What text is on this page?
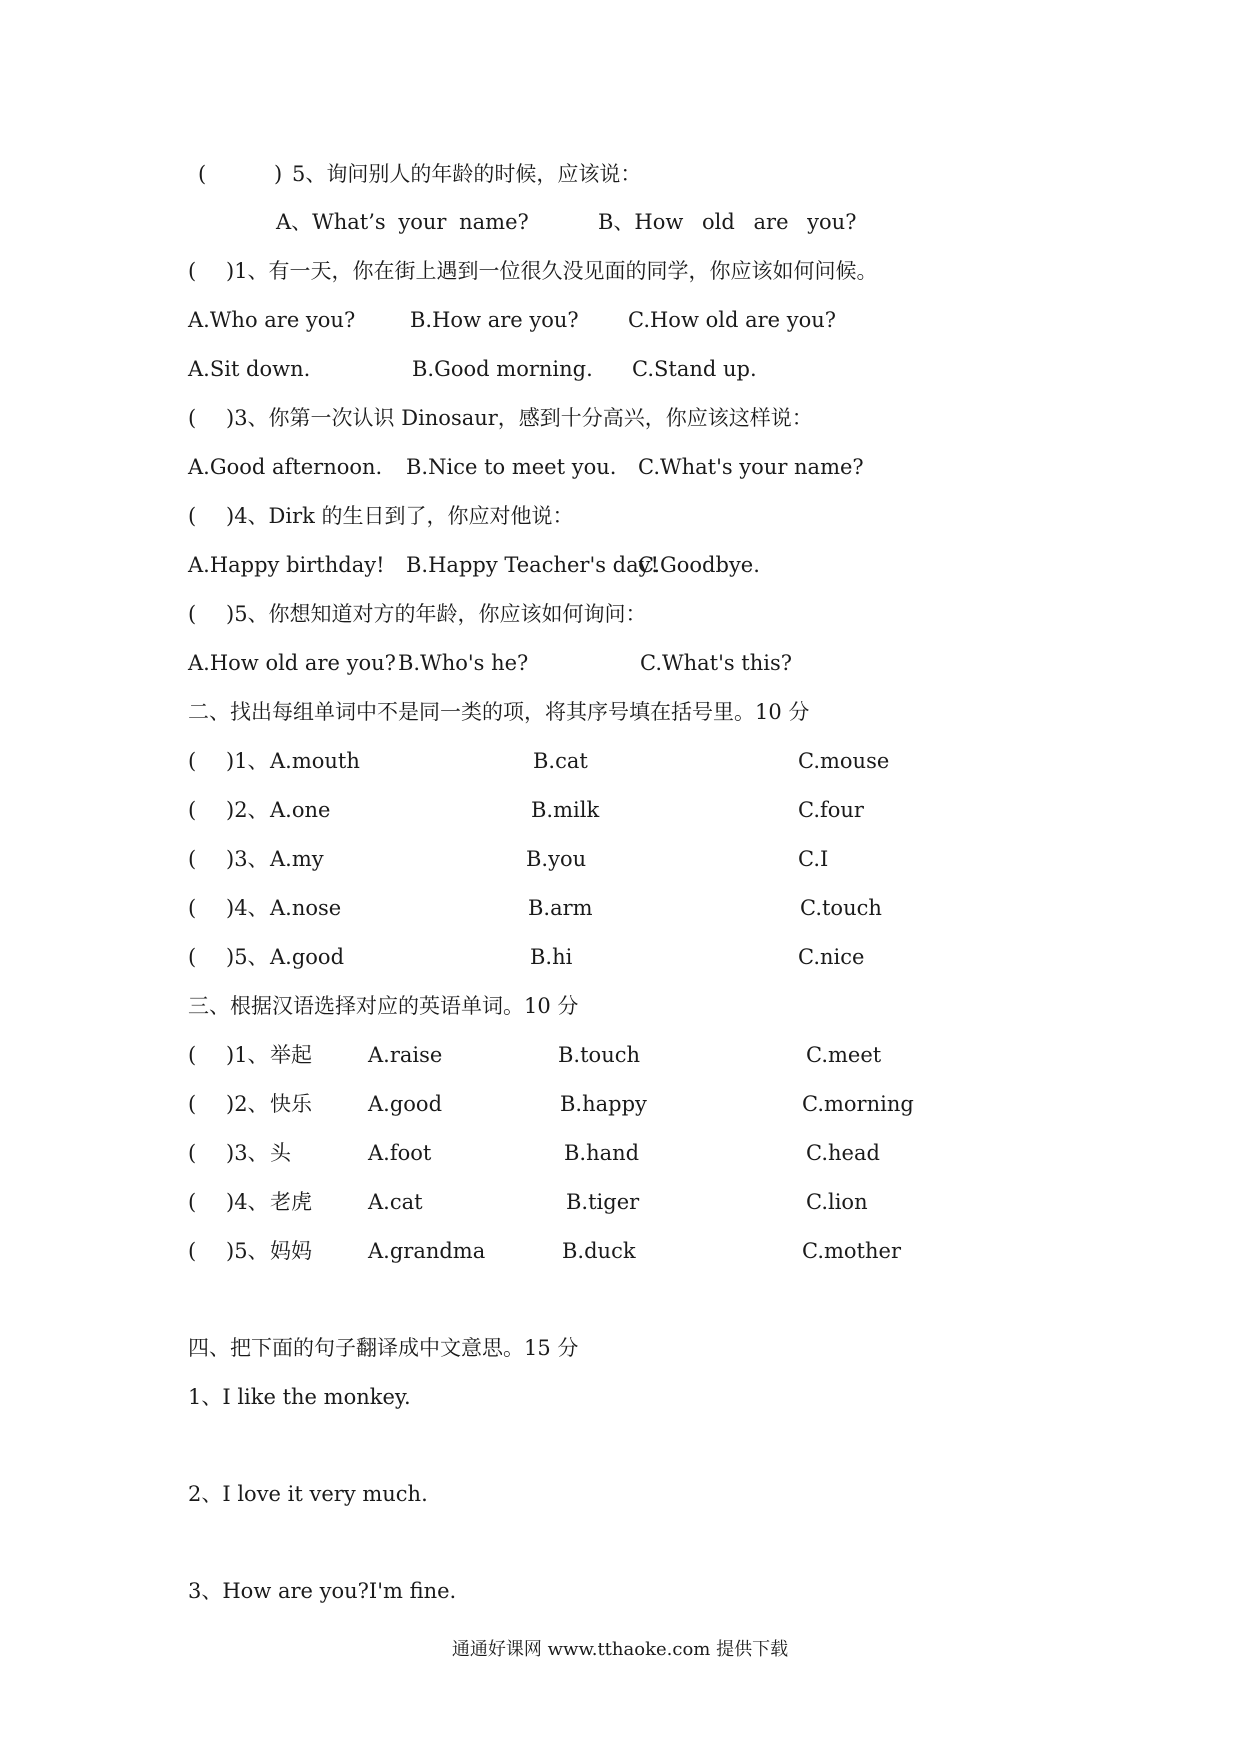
(	) 5、询问别人的年龄的时候，应该说：
A、What’s your name?	B、How old are you?
( )1、有一天，你在街上遇到一位很久没见面的同学，你应该如何问候。
A.Who are you?	B.How are you? C.How old are you?
A.Sit down.	B.Good morning. C.Stand up.
( )3、你第一次认识 Dinosaur，感到十分高兴，你应该这样说：
A.Good afternoon. B.Nice to meet you. C.What's your name?
( )4、Dirk 的生日到了，你应对他说：
A.Happy birthday! B.Happy Teacher's day!
C.Goodbye.
( )5、你想知道对方的年龄，你应该如何询问：
A.How old are you? B.Who's he?	C.What's this?
二、找出每组单词中不是同一类的项，将其序号填在括号里。10 分
( )1、 A.mouth	B.cat	C.mouse
( )2、 A.one	B.milk	C.four
( )3、 A.my	B.you	C.I
( )4、 A.nose	B.arm	C.touch
( )5、 A.good	B.hi	C.nice
三、根据汉语选择对应的英语单词。10 分
( )1、 举起	A.raise	B.touch	C.meet
( )2、 快乐	A.good	B.happy	C.morning
( )3、 头	A.foot	B.hand	C.head
( )4、 老虎	A.cat	B.tiger	C.lion
( )5、 妈妈	A.grandma	B.duck	C.mother
四、把下面的句子翻译成中文意思。15 分
1、I like the monkey.
2、I love it very much.
3、How are you?I'm fine.
通通好课网 www.tthaoke.com 提供下载
